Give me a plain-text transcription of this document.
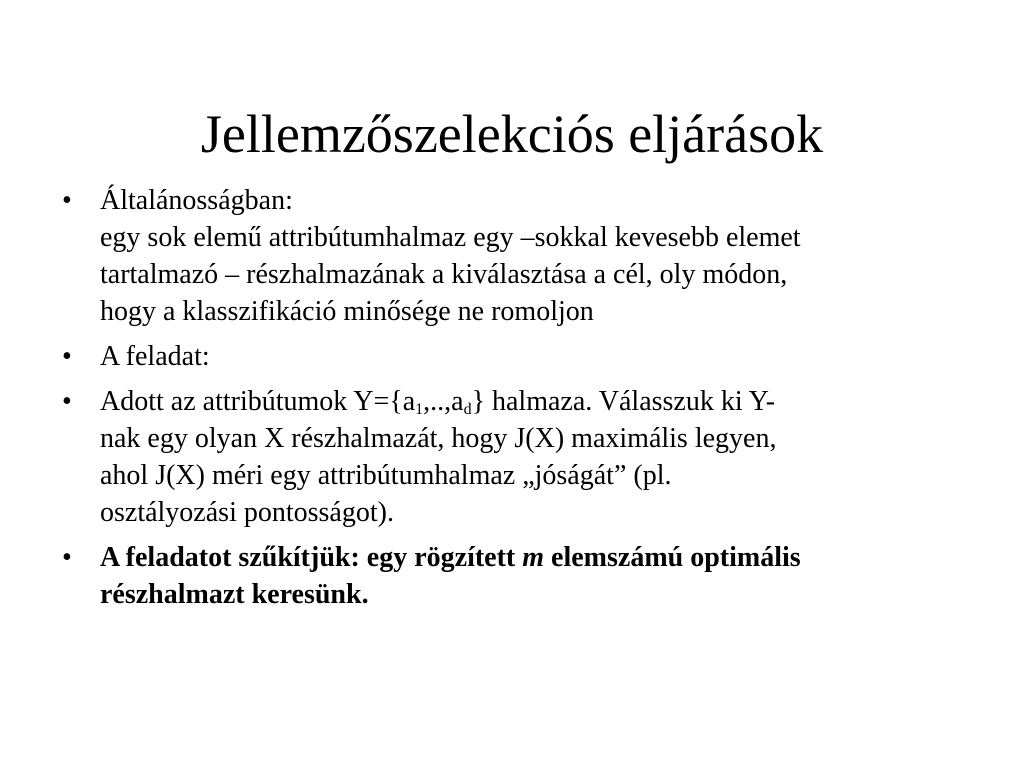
Jellemzőszelekciós eljárások
• Általánosságban:
egy sok elemű attribútumhalmaz egy –sokkal kevesebb elemet
tartalmazó – részhalmazának a kiválasztása a cél, oly módon,
hogy a klasszifikáció minősége ne romoljon
• A feladat:
• Adott az attribútumok $Y=\{a_1,..,a_d\}$ halmaza. Válasszuk ki Y-
nak egy olyan X részhalmazát, hogy J(X) maximális legyen,
ahol J(X) méri egy attribútumhalmaz „jóságát” (pl.
osztályozási pontosságot).
• A feladatot szűkítjük: egy rögzített m elemszámú optimális
részhalmazt keresünk.
